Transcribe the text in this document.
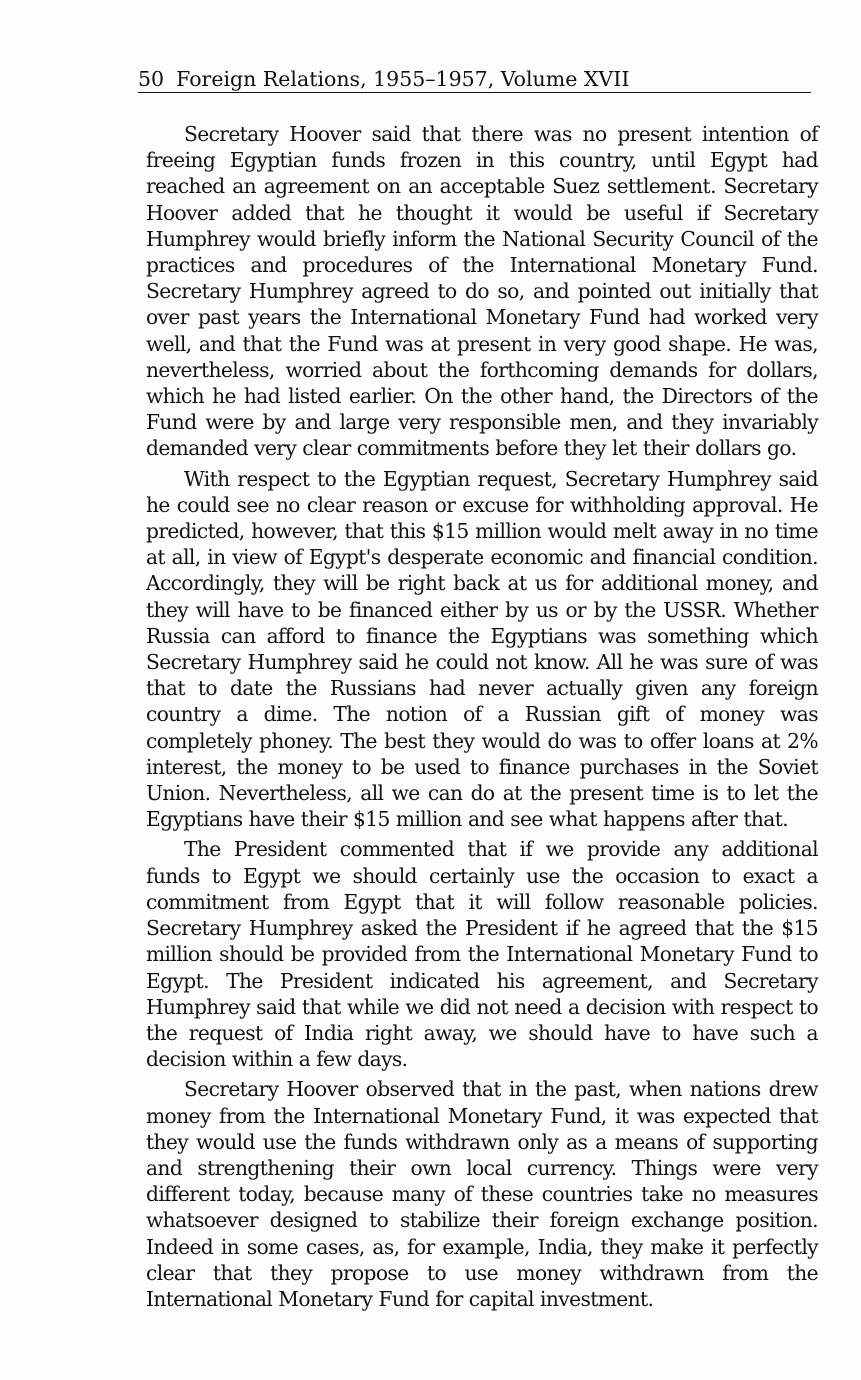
50 Foreign Relations, 1955–1957, Volume XVII

Secretary Hoover said that there was no present intention of freeing Egyptian funds frozen in this country, until Egypt had reached an agreement on an acceptable Suez settlement. Secretary Hoover added that he thought it would be useful if Secretary Humphrey would briefly inform the National Security Council of the practices and procedures of the International Monetary Fund. Secretary Humphrey agreed to do so, and pointed out initially that over past years the International Monetary Fund had worked very well, and that the Fund was at present in very good shape. He was, nevertheless, worried about the forthcoming demands for dollars, which he had listed earlier. On the other hand, the Directors of the Fund were by and large very responsible men, and they invariably demanded very clear commitments before they let their dollars go.

With respect to the Egyptian request, Secretary Humphrey said he could see no clear reason or excuse for withholding approval. He predicted, however, that this $15 million would melt away in no time at all, in view of Egypt's desperate economic and financial condition. Accordingly, they will be right back at us for additional money, and they will have to be financed either by us or by the USSR. Whether Russia can afford to finance the Egyptians was something which Secretary Humphrey said he could not know. All he was sure of was that to date the Russians had never actually given any foreign country a dime. The notion of a Russian gift of money was completely phoney. The best they would do was to offer loans at 2% interest, the money to be used to finance purchases in the Soviet Union. Nevertheless, all we can do at the present time is to let the Egyptians have their $15 million and see what happens after that.

The President commented that if we provide any additional funds to Egypt we should certainly use the occasion to exact a commitment from Egypt that it will follow reasonable policies. Secretary Humphrey asked the President if he agreed that the $15 million should be provided from the International Monetary Fund to Egypt. The President indicated his agreement, and Secretary Humphrey said that while we did not need a decision with respect to the request of India right away, we should have to have such a decision within a few days.

Secretary Hoover observed that in the past, when nations drew money from the International Monetary Fund, it was expected that they would use the funds withdrawn only as a means of supporting and strengthening their own local currency. Things were very different today, because many of these countries take no measures whatsoever designed to stabilize their foreign exchange position. Indeed in some cases, as, for example, India, they make it perfectly clear that they propose to use money withdrawn from the International Monetary Fund for capital investment.
